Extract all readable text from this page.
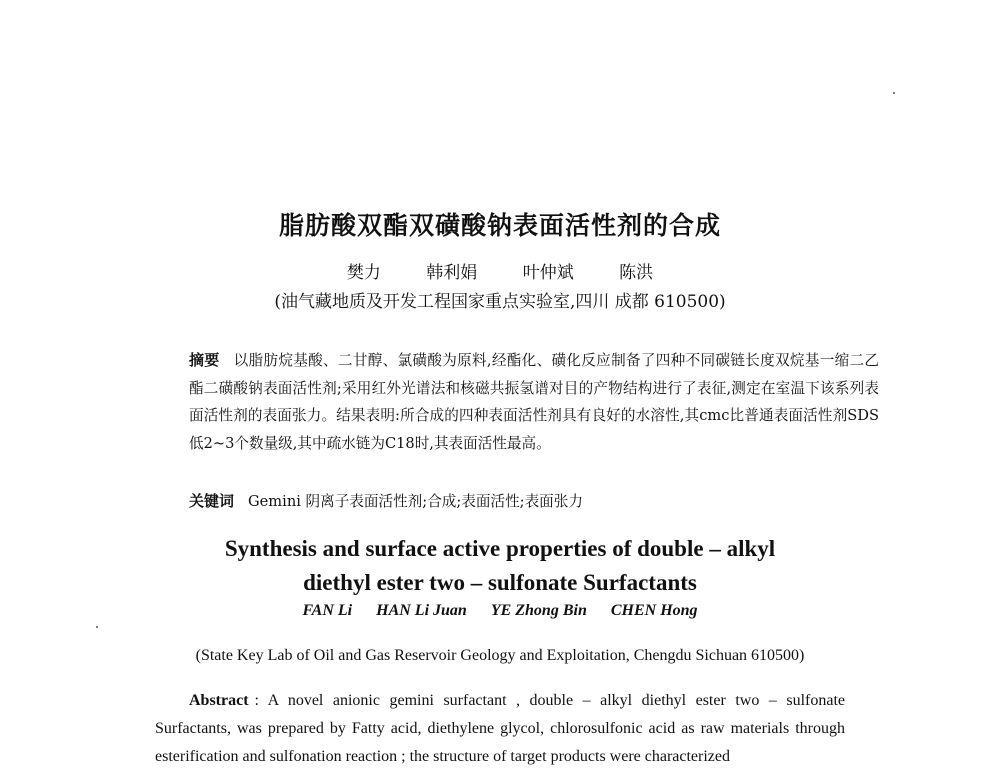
脂肪酸双酯双磺酸钠表面活性剂的合成
樊力	韩利娟	叶仲斌	陈洪
(油气藏地质及开发工程国家重点实验室,四川 成都 610500)
摘要 以脂肪烷基酸、二甘醇、氯磺酸为原料,经酯化、磺化反应制备了四种不同碳链长度双烷基一缩二乙酯二磺酸钠表面活性剂;采用红外光谱法和核磁共振氢谱对目的产物结构进行了表征,测定在室温下该系列表面活性剂的表面张力。结果表明:所合成的四种表面活性剂具有良好的水溶性,其cmc比普通表面活性剂SDS低2~3个数量级,其中疏水链为C18时,其表面活性最高。
关键词 Gemini 阴离子表面活性剂;合成;表面活性;表面张力
Synthesis and surface active properties of double – alkyl
diethyl ester two – sulfonate Surfactants
FAN Li HAN Li Juan YE Zhong Bin CHEN Hong
(State Key Lab of Oil and Gas Reservoir Geology and Exploitation, Chengdu Sichuan 610500)
Abstract : A novel anionic gemini surfactant , double – alkyl diethyl ester two – sulfonate Surfactants, was prepared by Fatty acid, diethylene glycol, chlorosulfonic acid as raw materials through esterification and sulfonation reaction ; the structure of target products were characterized
